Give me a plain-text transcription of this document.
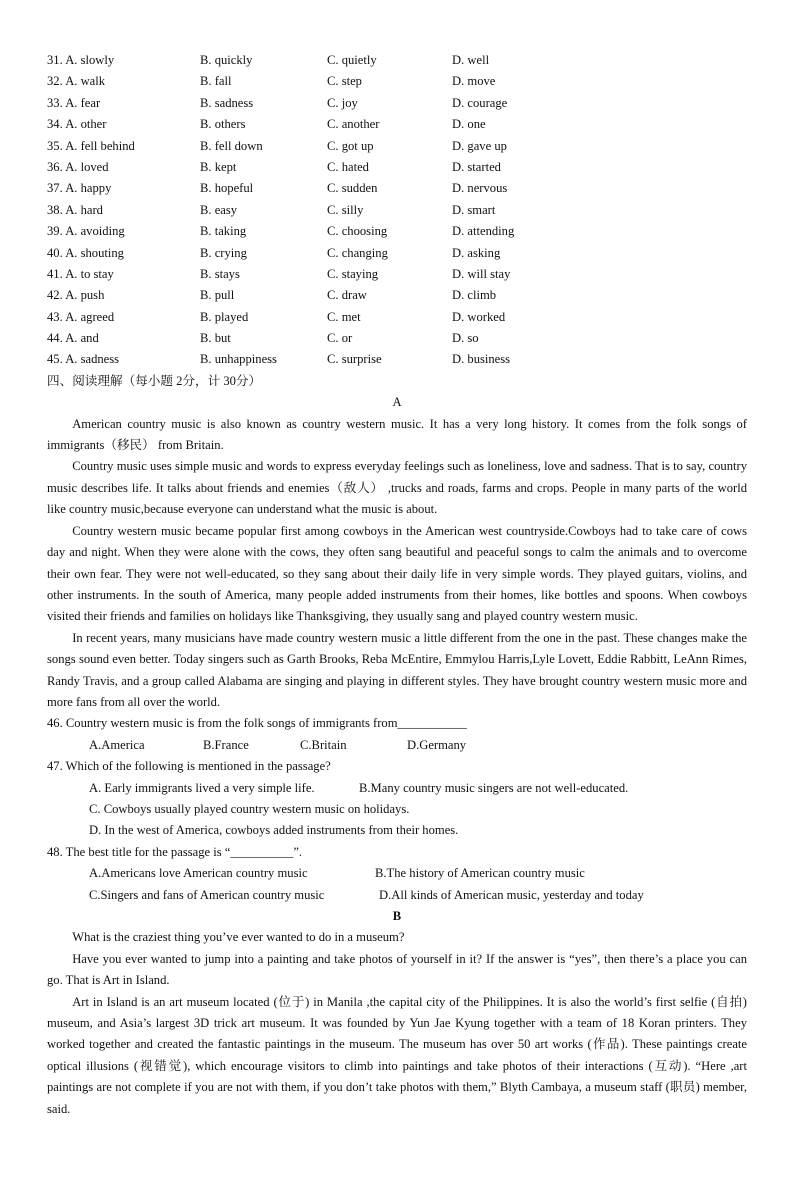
31. A. slowly	B. quickly	C. quietly	D. well
32. A. walk	B. fall	C. step	D. move
33. A. fear	B. sadness	C. joy	D. courage
34. A. other	B. others	C. another	D. one
35. A. fell behind	B. fell down	C. got up	D. gave up
36. A. loved	B. kept	C. hated	D. started
37. A. happy	B. hopeful	C. sudden	D. nervous
38. A. hard	B. easy	C. silly	D. smart
39. A. avoiding	B. taking	C. choosing	D. attending
40. A. shouting	B. crying	C. changing	D. asking
41. A. to stay	B. stays	C. staying	D. will stay
42. A. push	B. pull	C. draw	D. climb
43. A. agreed	B. played	C. met	D. worked
44. A. and	B. but	C. or	D. so
45. A. sadness	B. unhappiness	C. surprise	D. business
四、阅读理解（每小题 2分，计 30分）
A

American country music is also known as country western music. It has a very long history. It comes from the folk songs of immigrants（移民） from Britain.

Country music uses simple music and words to express everyday feelings such as loneliness, love and sadness. That is to say, country music describes life. It talks about friends and enemies（敌人） ,trucks and roads, farms and crops. People in many parts of the world like country music,because everyone can understand what the music is about.

Country western music became popular first among cowboys in the American west countryside.Cowboys had to take care of cows day and night. When they were alone with the cows, they often sang beautiful and peaceful songs to calm the animals and to overcome their own fear. They were not well-educated, so they sang about their daily life in very simple words. They played guitars, violins, and other instruments. In the south of America, many people added instruments from their homes, like bottles and spoons. When cowboys visited their friends and families on holidays like Thanksgiving, they usually sang and played country western music.

In recent years, many musicians have made country western music a little different from the one in the past. These changes make the songs sound even better. Today singers such as Garth Brooks, Reba McEntire, Emmylou Harris,Lyle Lovett, Eddie Rabbitt, LeAnn Rimes, Randy Travis, and a group called Alabama are singing and playing in different styles. They have brought country western music more and more fans from all over the world.

46. Country western music is from the folk songs of immigrants from___________

A.America	B.France	C.Britain	D.Germany

47. Which of the following is mentioned in the passage?

A. Early immigrants lived a very simple life.	B.Many country music singers are not well-educated.

C. Cowboys usually played country western music on holidays.

D. In the west of America, cowboys added instruments from their homes.

48. The best title for the passage is “__________”.

A.Americans love American country music	B.The history of American country music
C.Singers and fans of American country music	D.All kinds of American music, yesterday and today
B

What is the craziest thing you’ve ever wanted to do in a museum?

Have you ever wanted to jump into a painting and take photos of yourself in it? If the answer is “yes”, then there’s a place you can go. That is Art in Island.

Art in Island is an art museum located (位于) in Manila ,the capital city of the Philippines. It is also the world’s first selfie (自拍) museum, and Asia’s largest 3D trick art museum. It was founded by Yun Jae Kyung together with a team of 18 Koran printers. They worked together and created the fantastic paintings in the museum. The museum has over 50 art works (作品). These paintings create optical illusions (视错觉), which encourage visitors to climb into paintings and take photos of their interactions (互动). “Here ,art paintings are not complete if you are not with them, if you don’t take photos with them,” Blyth Cambaya, a museum staff (职员) member, said.
